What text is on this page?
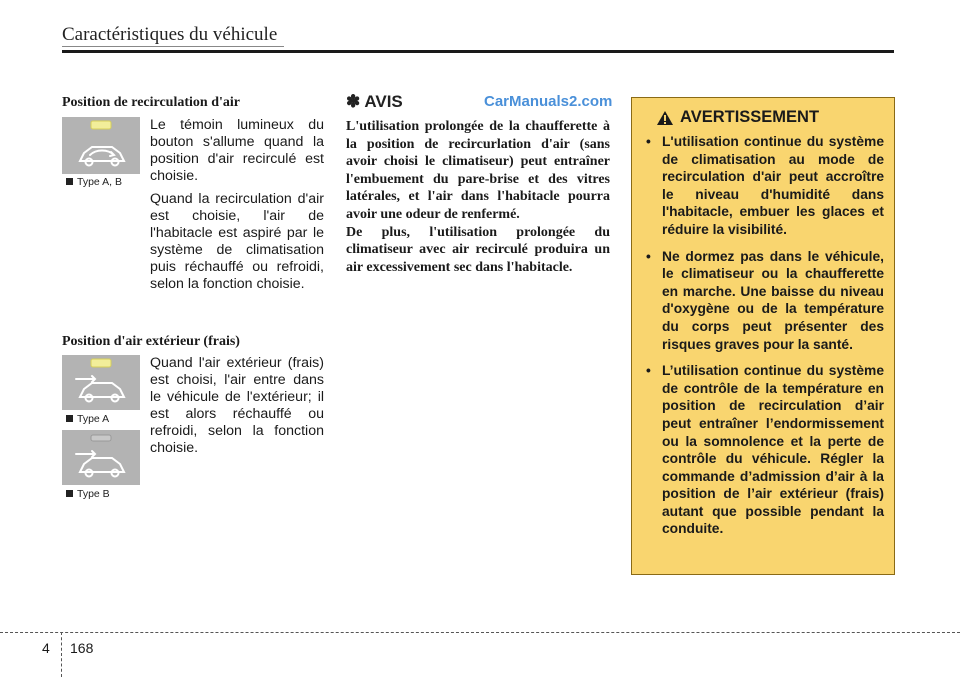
Caractéristiques du véhicule
Position de recirculation d'air
Type A, B

Le témoin lumineux du bouton s'allume quand la position d'air recirculé est choisie.

Quand la recirculation d'air est choisie, l'air de l'habitacle est aspiré par le système de climatisation puis réchauffé ou refroidi, selon la fonction choisie.

Position d'air extérieur (frais)
Type A
Type B

Quand l'air extérieur (frais) est choisi, l'air entre dans le véhicule de l'extérieur; il est alors réchauffé ou refroidi, selon la fonction choisie.

✽ AVIS	CarManuals2.com
L'utilisation prolongée de la chaufferette à la position de recircurlation d'air (sans avoir choisi le climatiseur) peut entraîner l'embuement du pare-brise et des vitres latérales, et l'air dans l'habitacle pourra avoir une odeur de renfermé.
De plus, l'utilisation prolongée du climatiseur avec air recirculé produira un air excessivement sec dans l'habitacle.
AVERTISSEMENT
• L'utilisation continue du système de climatisation au mode de recirculation d'air peut accroître le niveau d'humidité dans l'habitacle, embuer les glaces et réduire la visibilité.
• Ne dormez pas dans le véhicule, le climatiseur ou la chaufferette en marche. Une baisse du niveau d'oxygène ou de la température du corps peut présenter des risques graves pour la santé.
• L’utilisation continue du système de contrôle de la température en position de recirculation d’air peut entraîner l’endormissement ou la somnolence et la perte de contrôle du véhicule. Régler la commande d’admission d’air à la position de l’air extérieur (frais) autant que possible pendant la conduite.
4 168
